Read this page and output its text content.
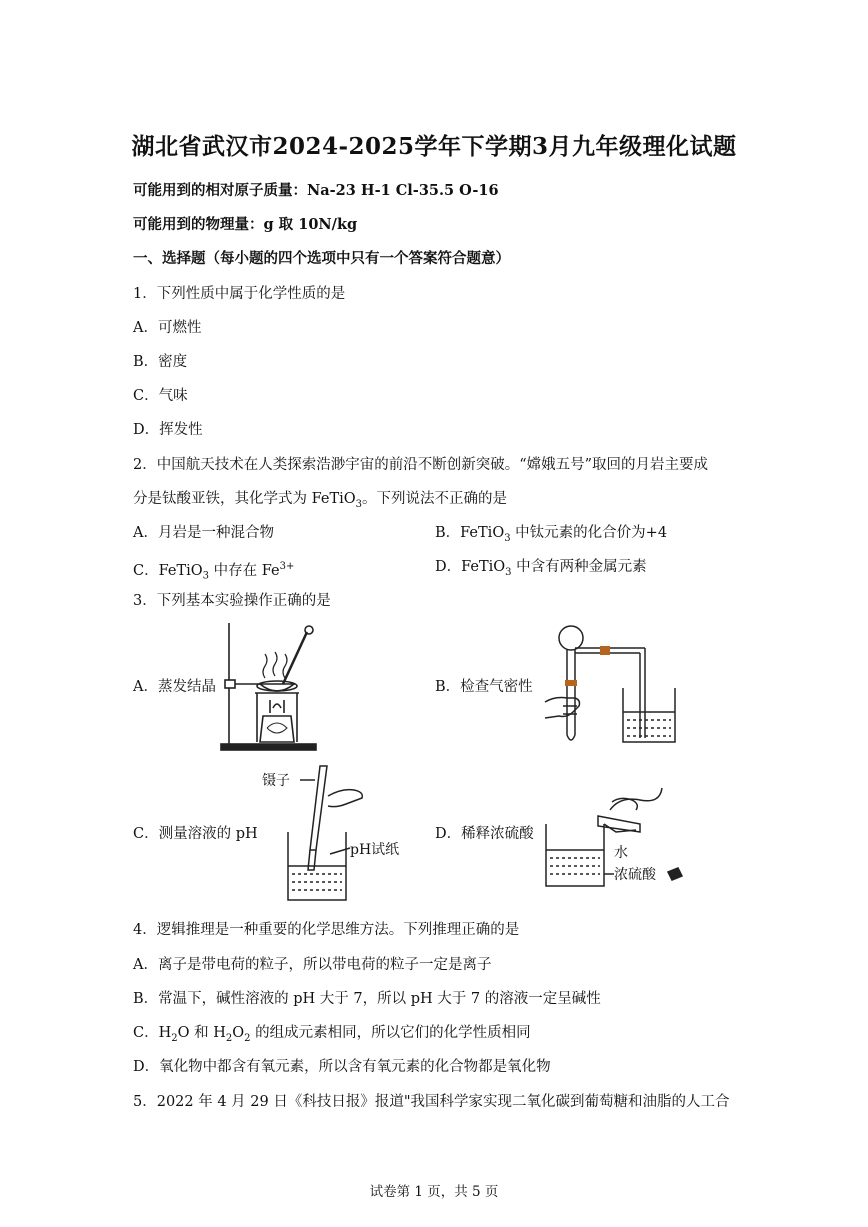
湖北省武汉市2024-2025学年下学期3月九年级理化试题
可能用到的相对原子质量：Na-23 H-1 Cl-35.5 O-16
可能用到的物理量：g 取 10N/kg
一、选择题（每小题的四个选项中只有一个答案符合题意）
1．下列性质中属于化学性质的是
A．可燃性
B．密度
C．气味
D．挥发性
2．中国航天技术在人类探索浩渺宇宙的前沿不断创新突破。“嫦娥五号”取回的月岩主要成
分是钛酸亚铁，其化学式为 FeTiO$_3$。下列说法不正确的是
A．月岩是一种混合物	B．FeTiO$_3$ 中钛元素的化合价为+4
C．FeTiO$_3$ 中存在 $Fe^{3+}$	D．FeTiO$_3$ 中含有两种金属元素
3．下列基本实验操作正确的是
A．蒸发结晶	B．检查气密性
C．测量溶液的 pH	D．稀释浓硫酸
镊子
pH试纸	水
浓硫酸
4．逻辑推理是一种重要的化学思维方法。下列推理正确的是
A．离子是带电荷的粒子，所以带电荷的粒子一定是离子
B．常温下，碱性溶液的 pH 大于 7，所以 pH 大于 7 的溶液一定呈碱性
C．$H_2O$ 和 $H_2O_2$ 的组成元素相同，所以它们的化学性质相同
D．氧化物中都含有氧元素，所以含有氧元素的化合物都是氧化物
5．2022 年 4 月 29 日《科技日报》报道"我国科学家实现二氧化碳到葡萄糖和油脂的人工合
试卷第 1 页，共 5 页
